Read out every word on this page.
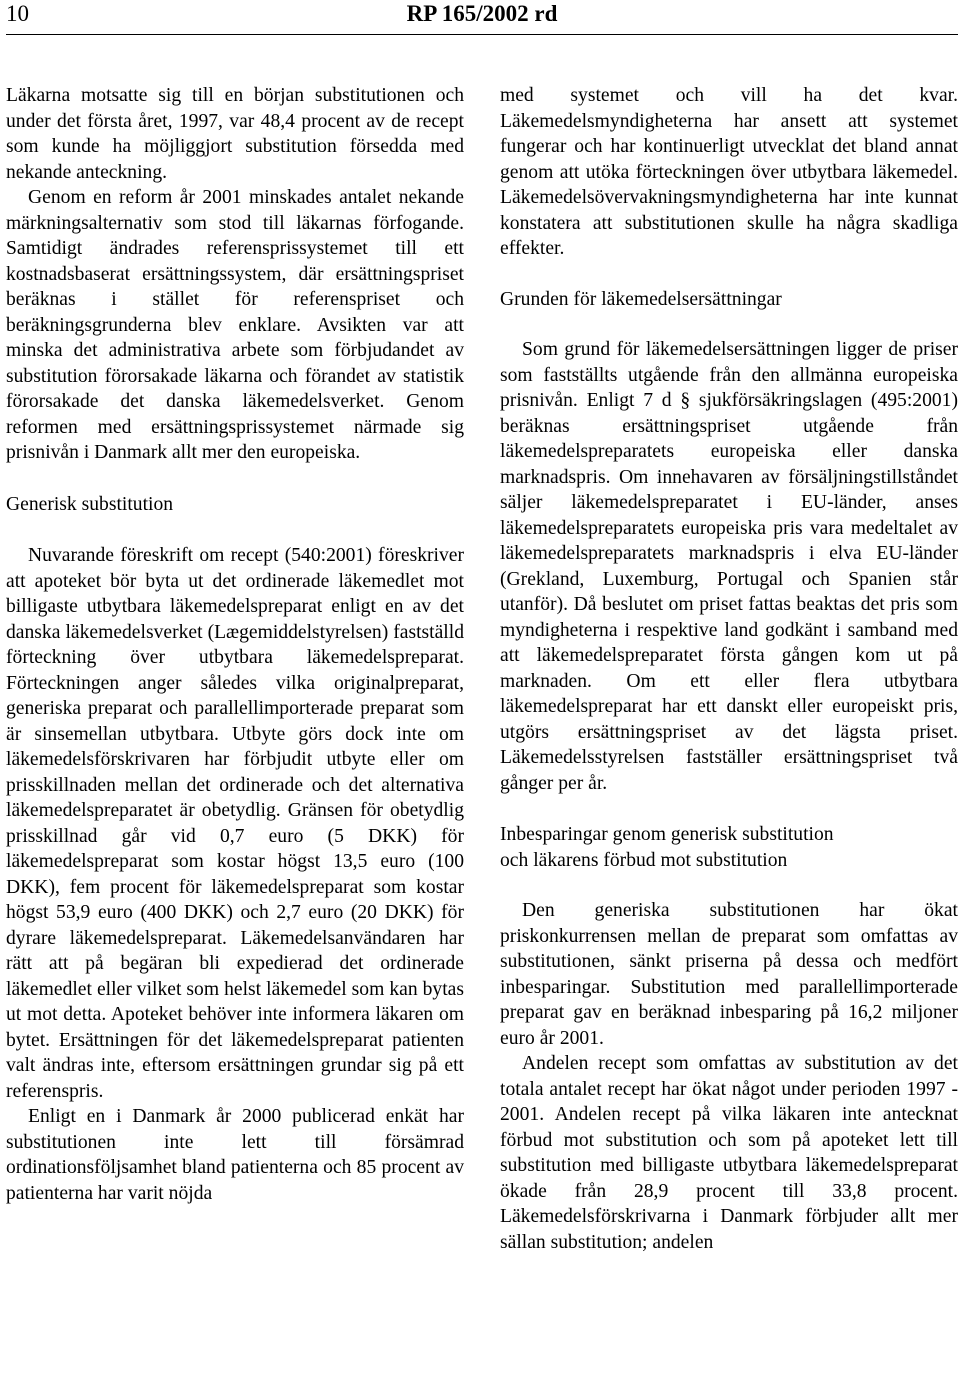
10	RP 165/2002 rd

Läkarna motsatte sig till en början substitutionen och under det första året, 1997, var 48,4 procent av de recept som kunde ha möjliggjort substitution försedda med nekande anteckning.

Genom en reform år 2001 minskades antalet nekande märkningsalternativ som stod till läkarnas förfogande. Samtidigt ändrades referensprissystemet till ett kostnadsbaserat ersättningssystem, där ersättningspriset beräknas i stället för referenspriset och beräkningsgrunderna blev enklare. Avsikten var att minska det administrativa arbete som förbjudandet av substitution förorsakade läkarna och förandet av statistik förorsakade det danska läkemedelsverket. Genom reformen med ersättningsprissystemet närmade sig prisnivån i Danmark allt mer den europeiska.

Generisk substitution

Nuvarande föreskrift om recept (540:2001) föreskriver att apoteket bör byta ut det ordinerade läkemedlet mot billigaste utbytbara läkemedelspreparat enligt en av det danska läkemedelsverket (Lægemiddelstyrelsen) fastställd förteckning över utbytbara läkemedelspreparat. Förteckningen anger således vilka originalpreparat, generiska preparat och parallellimporterade preparat som är sinsemellan utbytbara. Utbyte görs dock inte om läkemedelsförskrivaren har förbjudit utbyte eller om prisskillnaden mellan det ordinerade och det alternativa läkemedelspreparatet är obetydlig. Gränsen för obetydlig prisskillnad går vid 0,7 euro (5 DKK) för läkemedelspreparat som kostar högst 13,5 euro (100 DKK), fem procent för läkemedelspreparat som kostar högst 53,9 euro (400 DKK) och 2,7 euro (20 DKK) för dyrare läkemedelspreparat. Läkemedelsanvändaren har rätt att på begäran bli expedierad det ordinerade läkemedlet eller vilket som helst läkemedel som kan bytas ut mot detta. Apoteket behöver inte informera läkaren om bytet. Ersättningen för det läkemedelspreparat patienten valt ändras inte, eftersom ersättningen grundar sig på ett referenspris.

Enligt en i Danmark år 2000 publicerad enkät har substitutionen inte lett till försämrad ordinationsföljsamhet bland patienterna och 85 procent av patienterna har varit nöjda

med systemet och vill ha det kvar. Läkemedelsmyndigheterna har ansett att systemet fungerar och har kontinuerligt utvecklat det bland annat genom att utöka förteckningen över utbytbara läkemedel. Läkemedelsövervakningsmyndigheterna har inte kunnat konstatera att substitutionen skulle ha några skadliga effekter.

Grunden för läkemedelsersättningar

Som grund för läkemedelsersättningen ligger de priser som fastställts utgående från den allmänna europeiska prisnivån. Enligt 7 d § sjukförsäkringslagen (495:2001) beräknas ersättningspriset utgående från läkemedelspreparatets europeiska eller danska marknadspris. Om innehavaren av försäljningstillståndet säljer läkemedelspreparatet i EU-länder, anses läkemedelspreparatets europeiska pris vara medeltalet av läkemedelspreparatets marknadspris i elva EU-länder (Grekland, Luxemburg, Portugal och Spanien står utanför). Då beslutet om priset fattas beaktas det pris som myndigheterna i respektive land godkänt i samband med att läkemedelspreparatet första gången kom ut på marknaden. Om ett eller flera utbytbara läkemedelspreparat har ett danskt eller europeiskt pris, utgörs ersättningspriset av det lägsta priset. Läkemedelsstyrelsen fastställer ersättningspriset två gånger per år.

Inbesparingar genom generisk substitution
och läkarens förbud mot substitution

Den generiska substitutionen har ökat priskonkurrensen mellan de preparat som omfattas av substitutionen, sänkt priserna på dessa och medfört inbesparingar. Substitution med parallellimporterade preparat gav en beräknad inbesparing på 16,2 miljoner euro år 2001.

Andelen recept som omfattas av substitution av det totala antalet recept har ökat något under perioden 1997 - 2001. Andelen recept på vilka läkaren inte antecknat förbud mot substitution och som på apoteket lett till substitution med billigaste utbytbara läkemedelspreparat ökade från 28,9 procent till 33,8 procent. Läkemedelsförskrivarna i Danmark förbjuder allt mer sällan substitution; andelen
